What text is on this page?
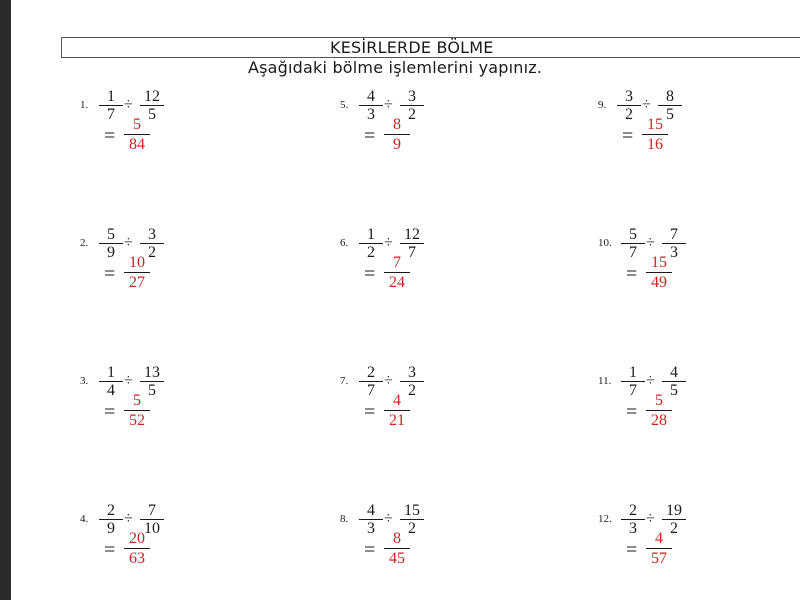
KESİRLERDE BÖLME
Aşağıdaki bölme işlemlerini yapınız.
1.	1
7
÷ 12
5
=
5
84
2.	5
9
÷ 3
2
=
10
27
3.	1
4
÷ 13
5
=
5
52
4.	2
9
÷ 7
10
=
20
63
5.	4
3
÷ 3
2
=
8
9
6.	1
2
÷ 12
7
=
7
24
7.	2
7
÷ 3
2
=
4
21
8.	4
3
÷ 15
2
=
8
45
9.	3
2
÷ 8
5
=
15
16
10.	5
7
÷ 7
3
=
15
49
11.	1
7
÷ 4
5
=
5
28
12.	2
3
÷ 19
2
=
4
57
